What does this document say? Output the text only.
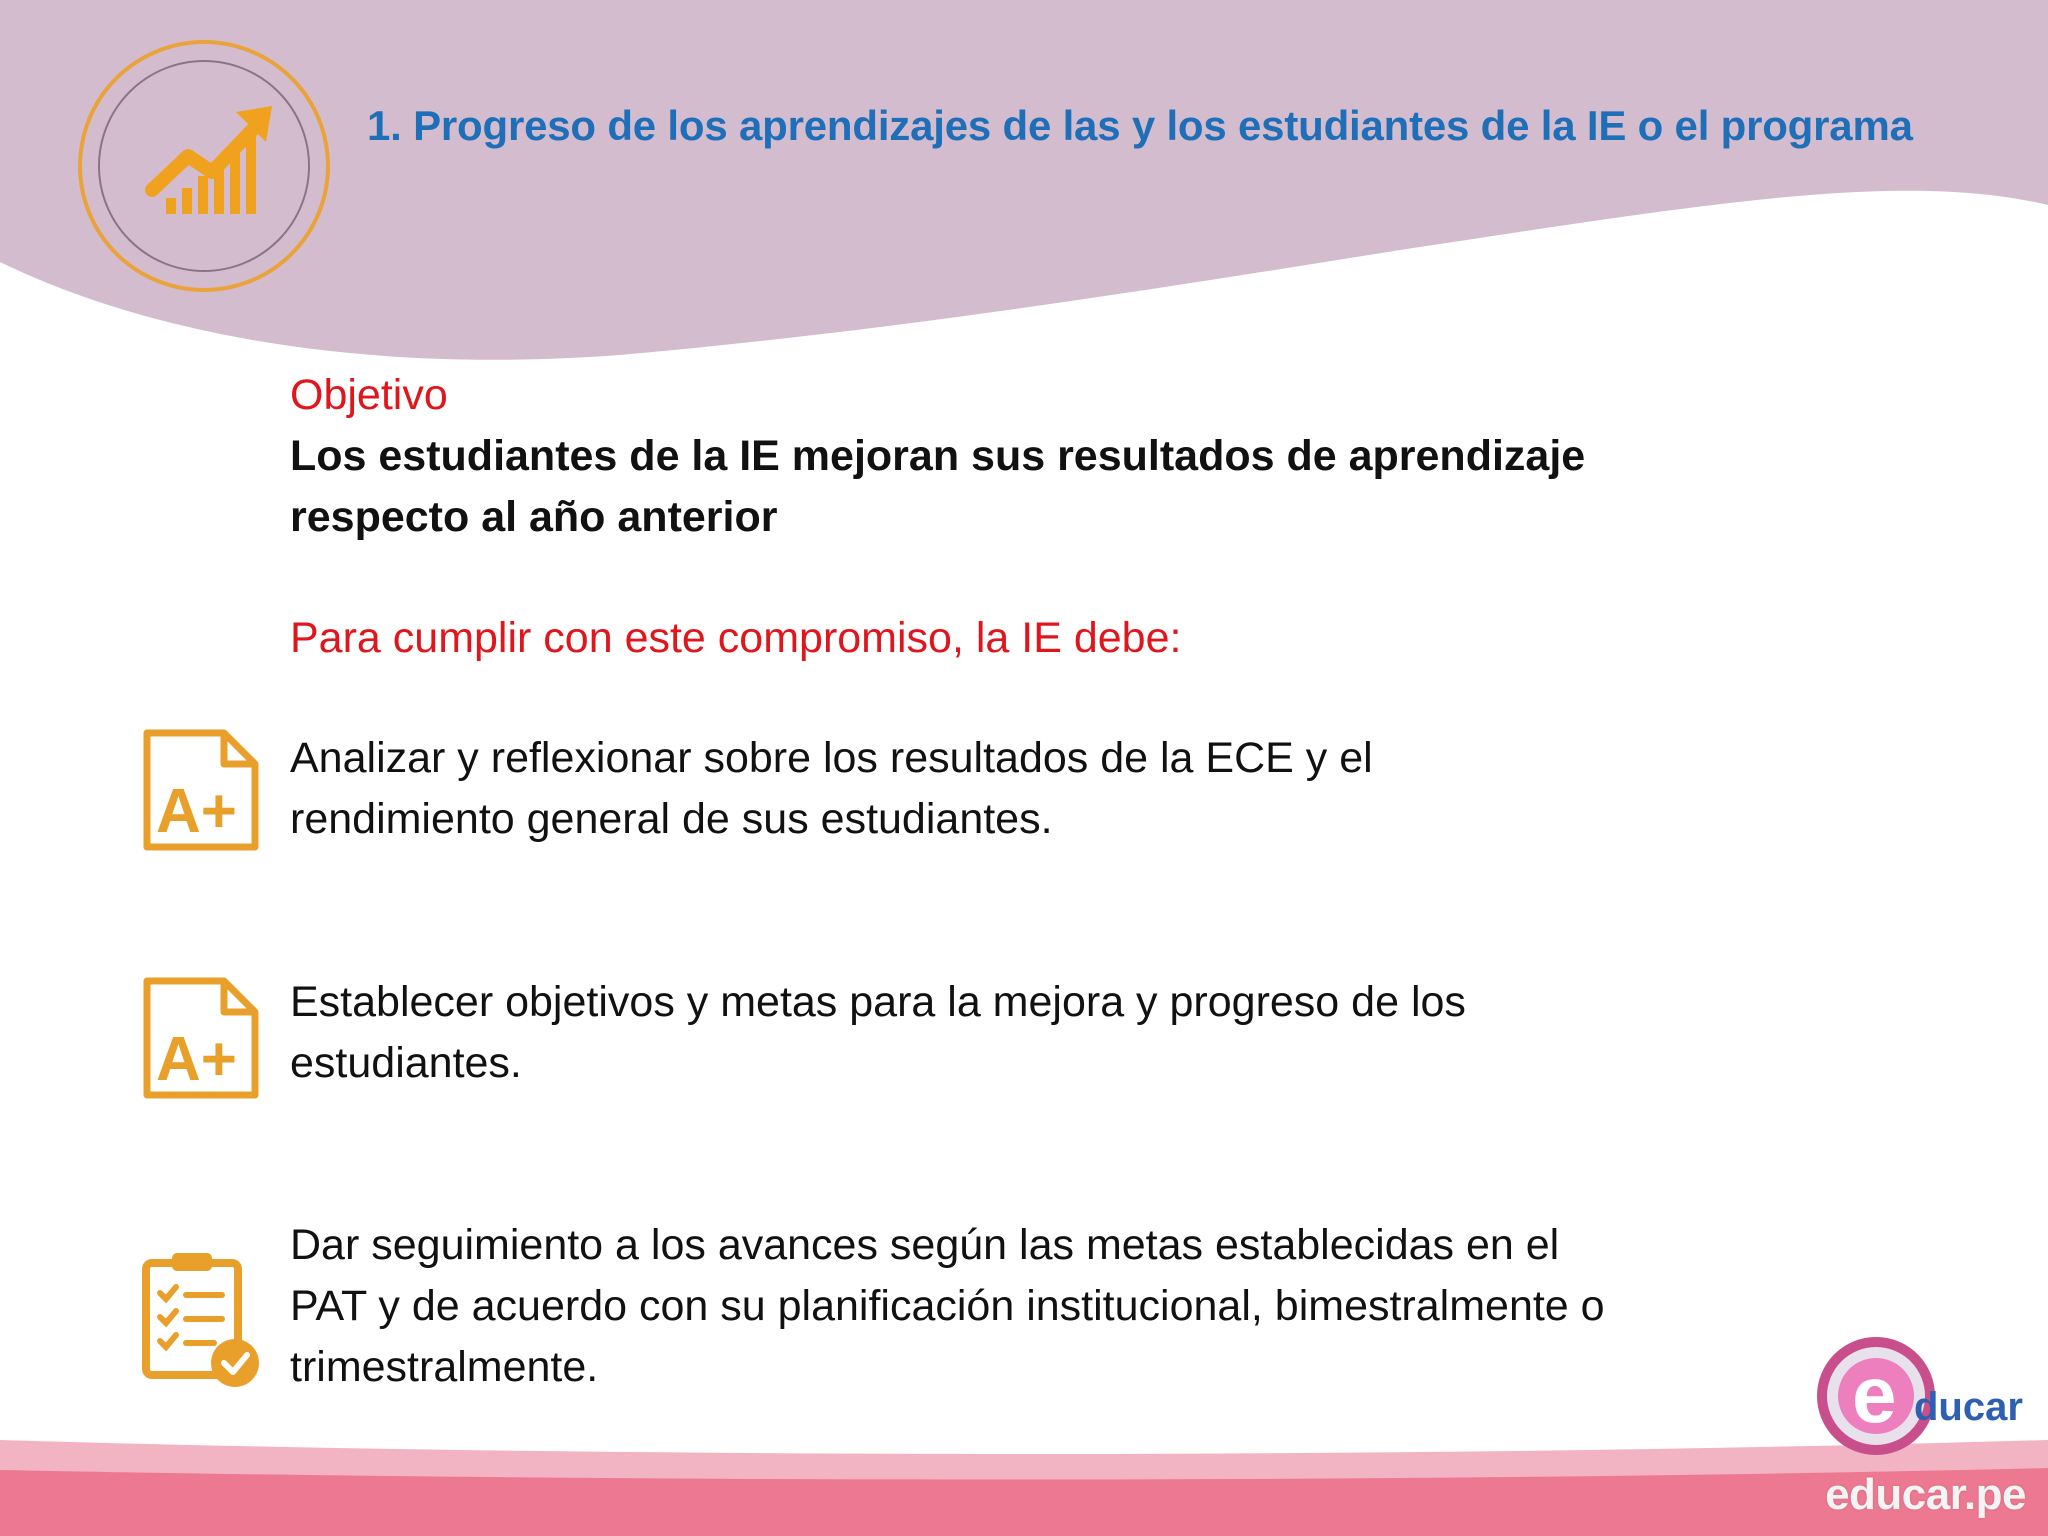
1. Progreso de los aprendizajes de las y los estudiantes de la IE o el programa
Objetivo
Los estudiantes de la IE mejoran sus resultados de aprendizaje respecto al año anterior
Para cumplir con este compromiso, la IE debe:
A+
Analizar y reflexionar sobre los resultados de la ECE y el rendimiento general de sus estudiantes.
A+
Establecer objetivos y metas para la mejora y progreso de los estudiantes.
Dar seguimiento a los avances según las metas establecidas en el PAT y de acuerdo con su planificación institucional, bimestralmente o trimestralmente.	e ducar
educar.pe
